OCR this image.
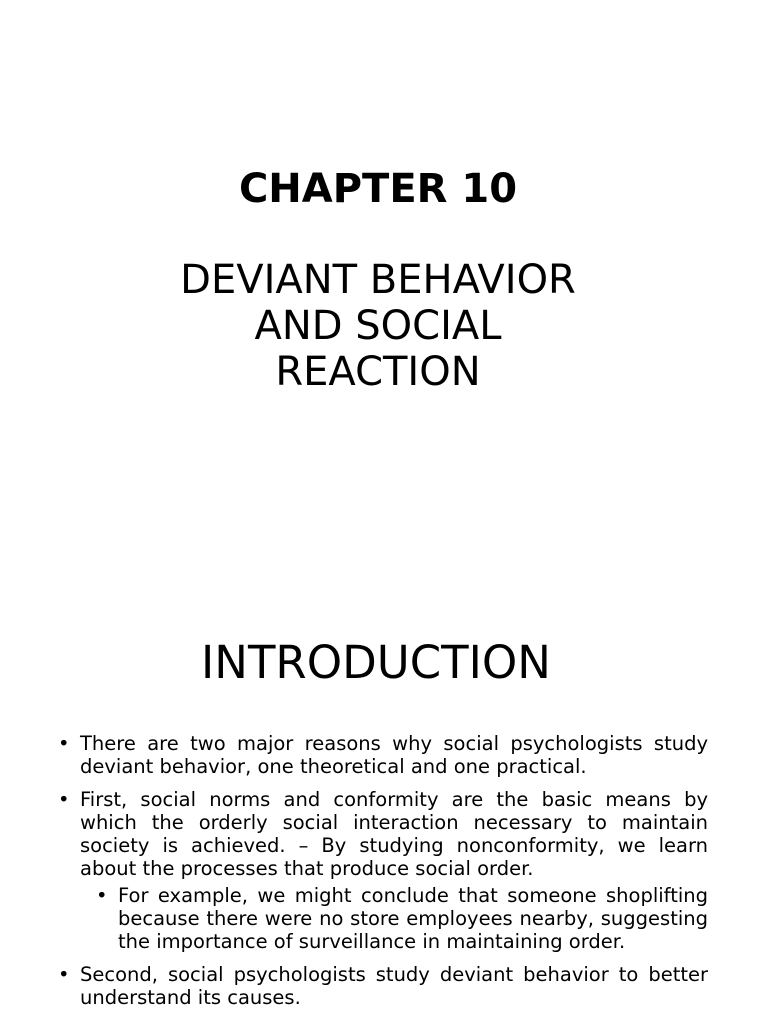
CHAPTER 10
DEVIANT BEHAVIOR
AND SOCIAL
REACTION
INTRODUCTION
• There are two major reasons why social psychologists study deviant behavior, one theoretical and one practical.
• First, social norms and conformity are the basic means by which the orderly social interaction necessary to maintain society is achieved. – By studying nonconformity, we learn about the processes that produce social order.
• For example, we might conclude that someone shoplifting because there were no store employees nearby, suggesting the importance of surveillance in maintaining order.
• Second, social psychologists study deviant behavior to better understand its causes.
